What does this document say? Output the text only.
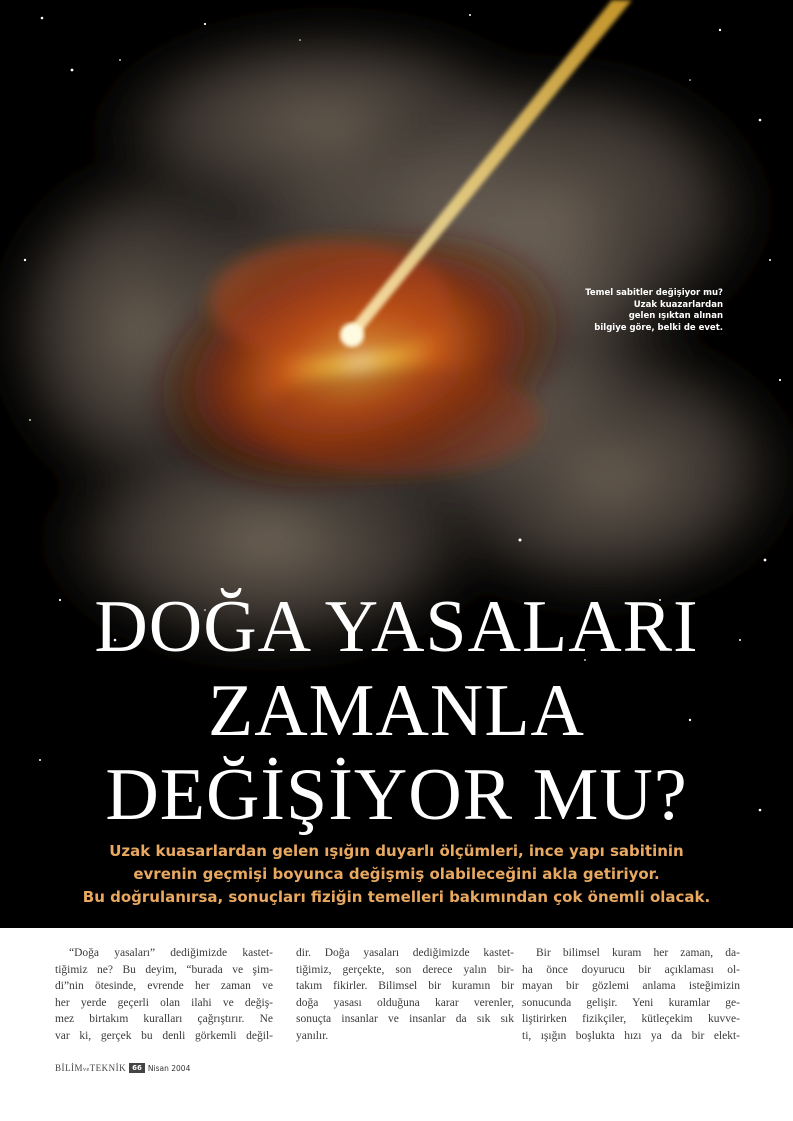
Temel sabitler değişiyor mu?
Uzak kuazarlardan
gelen ışıktan alınan
bilgiye göre, belki de evet.
DOĞA YASALARI
ZAMANLA
DEĞİŞİYOR MU?
Uzak kuasarlardan gelen ışığın duyarlı ölçümleri, ince yapı sabitinin
evrenin geçmişi boyunca değişmiş olabileceğini akla getiriyor.
Bu doğrulanırsa, sonuçları fiziğin temelleri bakımından çok önemli olacak.
“Doğa yasaları” dediğimizde kastet-
tiğimiz ne? Bu deyim, “burada ve şim-
di”nin ötesinde, evrende her zaman ve
her yerde geçerli olan ilahi ve değiş-
mez birtakım kuralları çağrıştırır. Ne
var ki, gerçek bu denli görkemli değil-
dir. Doğa yasaları dediğimizde kastet-
tiğimiz, gerçekte, son derece yalın bir-
takım fikirler. Bilimsel bir kuramın bir
doğa yasası olduğuna karar verenler,
sonuçta insanlar ve insanlar da sık sık
yanılır.
Bir bilimsel kuram her zaman, da-
ha önce doyurucu bir açıklaması ol-
mayan bir gözlemi anlama isteğimizin
sonucunda gelişir. Yeni kuramlar ge-
liştirirken fizikçiler, kütleçekim kuvve-
ti, ışığın boşlukta hızı ya da bir elekt-
BİLİMveTEKNİK 66 Nisan 2004
